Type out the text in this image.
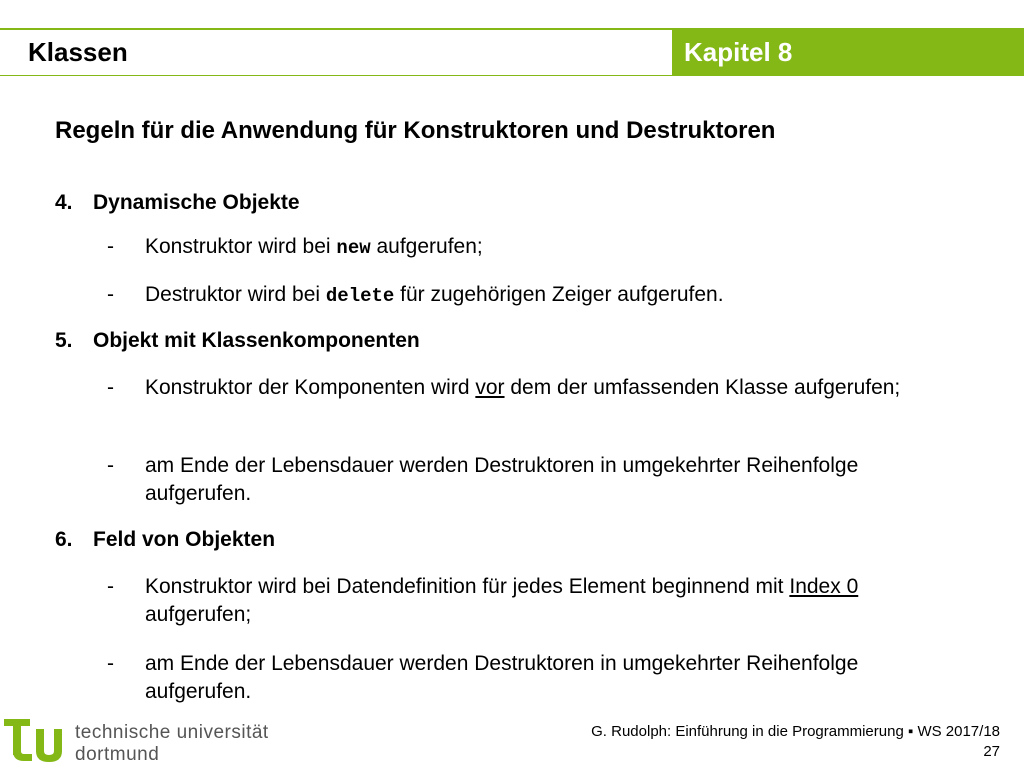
Klassen	Kapitel 8
Regeln für die Anwendung für Konstruktoren und Destruktoren
4. Dynamische Objekte
- Konstruktor wird bei new aufgerufen;
- Destruktor wird bei delete für zugehörigen Zeiger aufgerufen.
5. Objekt mit Klassenkomponenten
- Konstruktor der Komponenten wird vor dem der umfassenden Klasse aufgerufen;
- am Ende der Lebensdauer werden Destruktoren in umgekehrter Reihenfolge aufgerufen.
6. Feld von Objekten
- Konstruktor wird bei Datendefinition für jedes Element beginnend mit Index 0 aufgerufen;
- am Ende der Lebensdauer werden Destruktoren in umgekehrter Reihenfolge aufgerufen.
technische universität
dortmund
G. Rudolph: Einführung in die Programmierung ▪ WS 2017/18
27
